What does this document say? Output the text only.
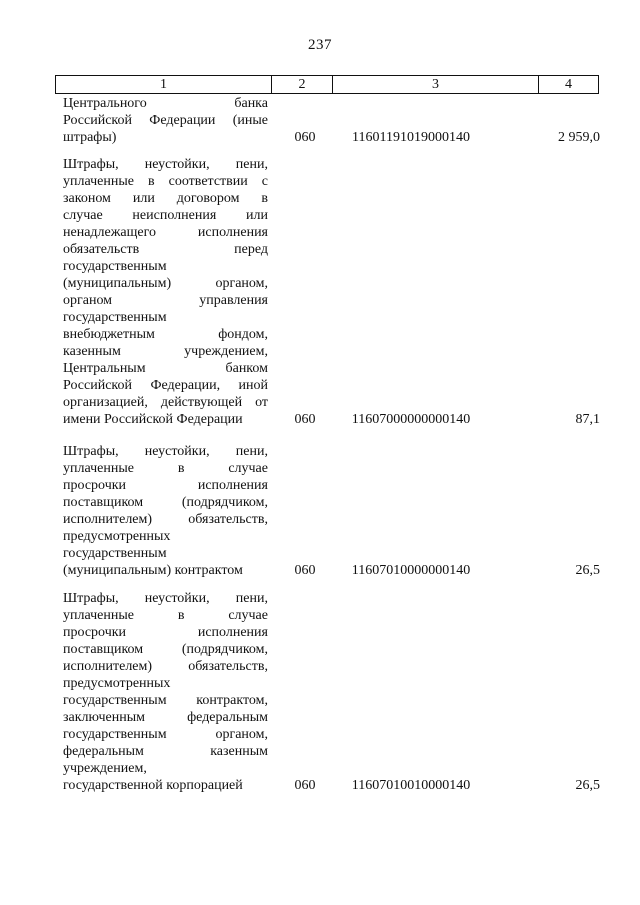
237
1	2	3	4
Центрального банка
Российской Федерации (иные
штрафы)	060	11601191019000140	2 959,0
Штрафы, неустойки, пени,
уплаченные в соответствии с
законом или договором в
случае неисполнения или
ненадлежащего исполнения
обязательств перед
государственным
(муниципальным) органом,
органом управления
государственным
внебюджетным фондом,
казенным учреждением,
Центральным банком
Российской Федерации, иной
организацией, действующей от
имени Российской Федерации	060	11607000000000140	87,1
Штрафы, неустойки, пени,
уплаченные в случае
просрочки исполнения
поставщиком (подрядчиком,
исполнителем) обязательств,
предусмотренных
государственным
(муниципальным) контрактом	060	11607010000000140	26,5
Штрафы, неустойки, пени,
уплаченные в случае
просрочки исполнения
поставщиком (подрядчиком,
исполнителем) обязательств,
предусмотренных
государственным контрактом,
заключенным федеральным
государственным органом,
федеральным казенным
учреждением,
государственной корпорацией	060	11607010010000140	26,5
